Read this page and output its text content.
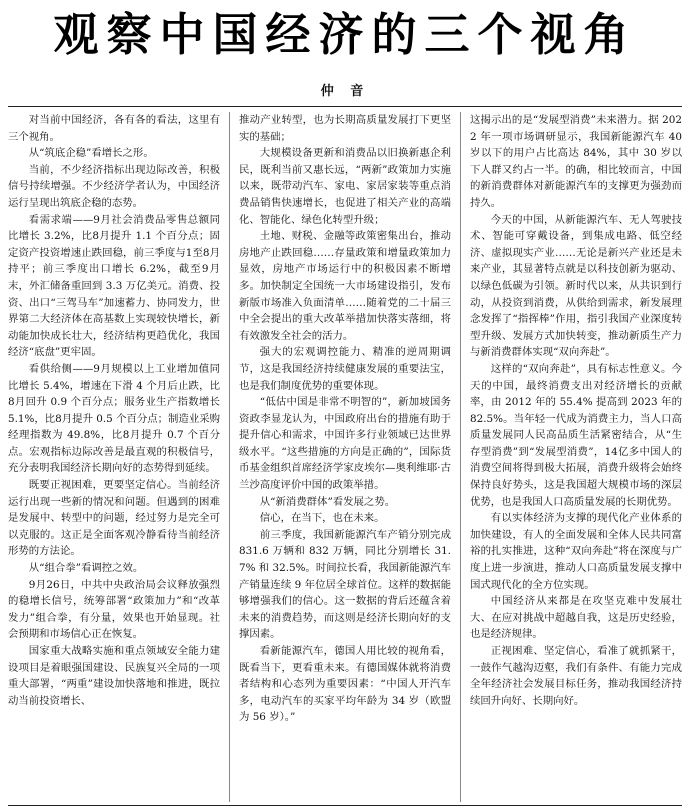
观察中国经济的三个视角
仲 音

对当前中国经济，各有各的看法，这里有三个视角。

从“筑底企稳”看增长之形。

当前，不少经济指标出现边际改善，积极信号持续增强。不少经济学者认为，中国经济运行呈现出筑底企稳的态势。

看需求端——9月社会消费品零售总额同比增长 3.2%，比8月提升 1.1 个百分点；固定资产投资增速止跌回稳，前三季度与1至8月持平；前三季度出口增长 6.2%，截至9月末，外汇储备重回到 3.3 万亿美元。消费、投资、出口“三驾马车”加速蓄力、协同发力，世界第二大经济体在高基数上实现较快增长，新动能加快成长壮大，经济结构更趋优化，我国经济“底盘”更牢固。

看供给侧——9月规模以上工业增加值同比增长 5.4%，增速在下滑 4 个月后止跌，比8月回升 0.9 个百分点；服务业生产指数增长 5.1%，比8月提升 0.5 个百分点；制造业采购经理指数为 49.8%，比8月提升 0.7 个百分点。宏观指标边际改善是最直观的积极信号，充分表明我国经济长期向好的态势得到延续。

既要正视困难，更要坚定信心。当前经济运行出现一些新的情况和问题。但遇到的困难是发展中、转型中的问题，经过努力是完全可以克服的。这正是全面客观冷静看待当前经济形势的方法论。

从“组合拳”看调控之效。

9月26日，中共中央政治局会议释放强烈的稳增长信号，统筹部署“政策加力”和“改革发力”组合拳，有分量，效果也开始显现。社会预期和市场信心正在恢复。

国家重大战略实施和重点领域安全能力建设项目是着眼强国建设、民族复兴全局的一项重大部署，“两重”建设加快落地和推进，既拉动当前投资增长、

推动产业转型，也为长期高质量发展打下更坚实的基础；

大规模设备更新和消费品以旧换新惠企利民，既利当前又惠长远，“两新”政策加力实施以来，既带动汽车、家电、家居家装等重点消费品销售快速增长，也促进了相关产业的高端化、智能化、绿色化转型升级；

土地、财税、金融等政策密集出台，推动房地产止跌回稳……存量政策和增量政策加力显效，房地产市场运行中的积极因素不断增多。加快制定全国统一大市场建设指引，发布新版市场准入负面清单……随着党的二十届三中全会提出的重大改革举措加快落实落细，将有效激发全社会的活力。

强大的宏观调控能力、精准的逆周期调节，这是我国经济持续健康发展的重要法宝，也是我们制度优势的重要体现。

“低估中国是非常不明智的”，新加坡国务资政李显龙认为，中国政府出台的措施有助于提升信心和需求，中国许多行业领域已达世界级水平。“这些措施的方向是正确的”，国际货币基金组织首席经济学家皮埃尔—奥利维耶·古兰沙高度评价中国的政策举措。

从“新消费群体”看发展之势。

信心，在当下，也在未来。

前三季度，我国新能源汽车产销分别完成 831.6 万辆和 832 万辆，同比分别增长 31.7% 和 32.5%。时间拉长看，我国新能源汽车产销量连续 9 年位居全球首位。这样的数据能够增强我们的信心。这一数据的背后还蕴含着未来的消费趋势，而这则是经济长期向好的支撑因素。

看新能源汽车，德国人用比较的视角看，既看当下，更看重未来。有德国媒体就将消费者结构和心态列为重要因素：“中国人开汽车多，电动汽车的买家平均年龄为 34 岁（欧盟为 56 岁）。”

这揭示出的是“发展型消费”未来潜力。据 2022 年一项市场调研显示，我国新能源汽车 40 岁以下的用户占比高达 84%，其中 30 岁以下人群又约占一半。的确，相比较而言，中国的新消费群体对新能源汽车的支撑更为强劲而持久。

今天的中国，从新能源汽车、无人驾驶技术、智能可穿戴设备，到集成电路、低空经济、虚拟现实产业……无论是新兴产业还是未来产业，其显著特点就是以科技创新为驱动、以绿色低碳为引领。新时代以来，从共识到行动，从投资到消费，从供给到需求，新发展理念发挥了“指挥棒”作用，指引我国产业深度转型升级、发展方式加快转变，推动新质生产力与新消费群体实现“双向奔赴”。

这样的“双向奔赴”，具有标志性意义。今天的中国，最终消费支出对经济增长的贡献率，由 2012 年的 55.4% 提高到 2023 年的 82.5%。当年轻一代成为消费主力，当人口高质量发展同人民高品质生活紧密结合，从“生存型消费”到“发展型消费”，14亿多中国人的消费空间将得到极大拓展，消费升级将会始终保持良好势头，这是我国超大规模市场的深层优势，也是我国人口高质量发展的长期优势。

有以实体经济为支撑的现代化产业体系的加快建设，有人的全面发展和全体人民共同富裕的扎实推进，这种“双向奔赴”将在深度与广度上进一步演进，推动人口高质量发展支撑中国式现代化的全方位实现。

中国经济从来都是在攻坚克难中发展壮大、在应对挑战中超越自我，这是历史经验，也是经济规律。

正视困难、坚定信心，看准了就抓紧干，一鼓作气越沟迈壑，我们有条件、有能力完成全年经济社会发展目标任务，推动我国经济持续回升向好、长期向好。
